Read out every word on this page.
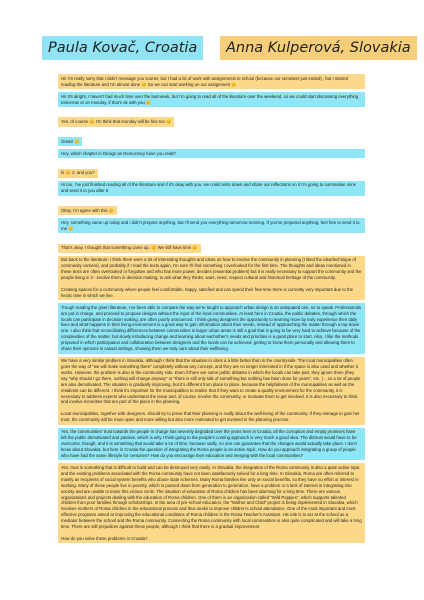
Paula Kovač, Croatia	Anna Kulperová, Slovakia

Hi! I'm really sorry that I didn't message you sooner, but I had a lot of work with assignments to school (because our semester just ended) , but I started reading the literature and I'm almost done 😊 So we can start working on our assignment 😊

Hi! It's alright, I haven't had much time over the last week, but I'm going to read all of the literature over the weekend, so we could start discussing everything tomorrow or on monday, if that's ok with you 😊

Yes, of course 😊 I'm think that monday will be fine too 😊

Great! 😊

Hey, which chapter in Design as Democracy have you read?

hi 😊 2. and you?

Hi too, I've just finished reading all of the literature and if it's okay with you, we could write down and share our reflections on it I'm going to summarise mine and send it to you after 6

Okay, I'm agree with this 😊

Hey, something came up today and i didn't prepare anything, but I'll send you everything tomorrow morning. If you've prepared anything, feel free to send it to me 😊

That's okay. I thought that something came up. 😊 We still have time 😊

But back to the literature: I think there were a lot of interesting thoughts and ideas on how to involve the community in planning (I liked the idea/technique of community camera), and probably if I read the texts again, I'm sure I'll find something I overlooked for the first time. The thoughts and ideas mentioned in these texts are often overlooked or forgotten and who has more power, decides (essential problem) but it is really necessary to support the community and the people living in it - involve them in decision making, to ask what they thinks, want, need, respect cultural and historical heritage of the community.

Creating spaces for a community where people feel comfortable, happy, satisfied and can spend their free time there is currently very important due to the hectic time in which we live.

Trough reading the given literature, I've been able to compare the way we're taught to approach urban design is an antiquated one, so to speak. Professionals are put in charge, and proceed to propose designs without the input of the local communities. At least here in Croatia, the public debates, through which the locals can participate in decision making, are often poorly announced. I think giving designers the opportunity to learning more by truly experience their daily lives and what happens in their living environment is a great way to gain information about their needs, instead of approaching the matter through a top-down one. I also think that reconciliating differences between communities in larger urban areas is still a goal that is going to be very hard to achieve because of the complexities of the matter, but slowly introducing change and learning about eachother's needs and priorities is a good place to start. Also, I like the methods proposed in which participation and collaboration between designers and the locals can be achieved, getting to know them personally and allowing them to share their opinions in casual settings, showing them we truly care about their wellbeing.

We have a very similar problem in Slovakia, although I think that the situation in cities a a little better than in the countryside. The local municipalities often goes the way of "we will make something there" completely without any concept, and they are no longer interested in if the space is also used and whether it works. However, the problem is also in the community side. Even if there are some public debates in which the locals can take part, they ignore them (they say "why should I go there, nothing will change anyway" or "there is still only talk of something but nothing has been done for years", etc. ) .. so a lot of people are also demotivated. The situation is gradually improving, but it's different from place to place, because the helpfulness of the municipalities as well as the residents can be different. I think it's important for the municipalities to realize that if they want to create a quality environment for the community, it is necessary to address experts who understand the issue and, of course, involve the community, or motivate them to get involved. It is also necessary to think and involve minorities that are part of the place in the planning.

Local municipalities, together with designers, should try to prove that their planning is really about the well-being of the community. If they manage to gain her trust, the community will be more open and more willing but also more motivated to get involved in the planning process.

Yes, the communities' trust towards the people in charge has severely degraded over the years here in Croatia, all the corruption and empty promises have left the public demotivated and passive, which is why I think going to the people's coming approach is very much a good idea. The distrust would have to be overcome, though, and it is something that would take a lot of time, because sadly, no one can guarantee that the changes would actually take place. I don't know about Slovakia, but here in Croatia the question of integrating the Roma people is an active topic. How do you approach integrating a group of people who have had the same lifestyle for centuries? How do you encourage their education and merging with the local communities?

Yes, trust is something that is difficult to build and can be destroyed very easily. In Slovakia, the integration of the Roma community is also a quite active topic and the existing problems associated with the Roma community have not been satisfactorily solved for a long time. In Slovakia, Roma are often referred to mainly as recipients of social system benefits who abuse state schemes. Many Roma families live only on social benefits, so they have no effort or interest in working. Many of these people live in poverty, which is passed down from generation to generation. have a problem or a lack of interest in integrating into society and are unable to leave this vicious circle. The situation of education of Roma children has been alarming for a long time. There are various organizations and projects dealing with the education of Roma children. One of them is an organization called "Wild Poppies", which supports talented children from poor families through scholarships. In the area of pre-school education, the "Mother and Child" project is being implemented in Slovakia, which involves mothers of Roma children in the educational process and thus seeks to improve children's school attendance. One of the most important and most effective programs aimed at improving the educational conditions of Roma children is the Roma Teacher's Assistant. His role is to act at the school as a mediator between the school and the Roma community. Connecting the Roma community with local communities is also quite complicated and will take a long time. There are still prejudices against these people, although I think that there is a gradual improvement

How do you solve these problems in Croatia?
